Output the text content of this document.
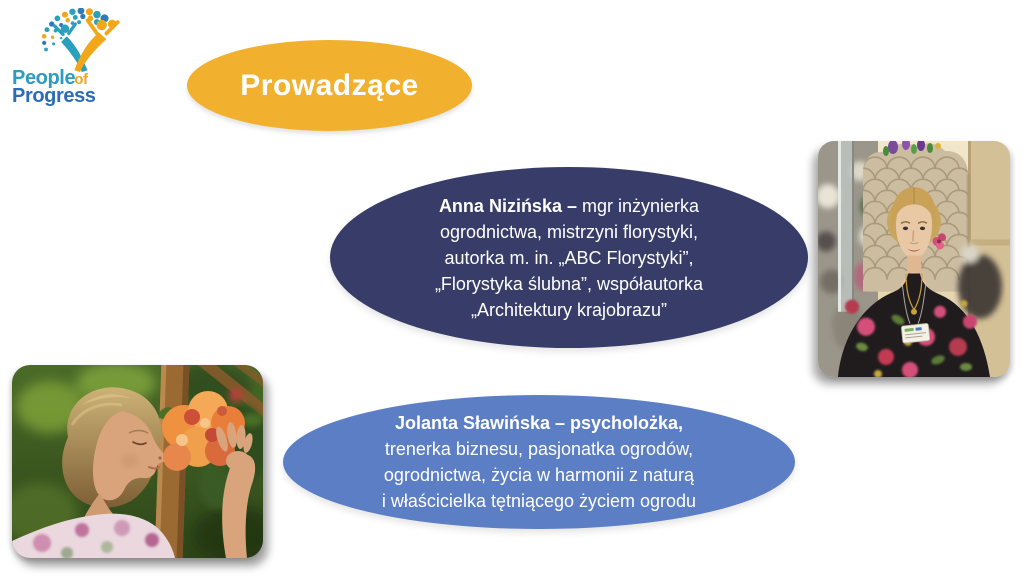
Peopleof
Progress	Prowadzące
Anna Nizińska – mgr inżynierka
ogrodnictwa, mistrzyni florystyki,
autorka m. in. „ABC Florystyki”,
„Florystyka ślubna”, współautorka
„Architektury krajobrazu”
Jolanta Sławińska – psycholożka,
trenerka biznesu, pasjonatka ogrodów,
ogrodnictwa, życia w harmonii z naturą
i właścicielka tętniącego życiem ogrodu
